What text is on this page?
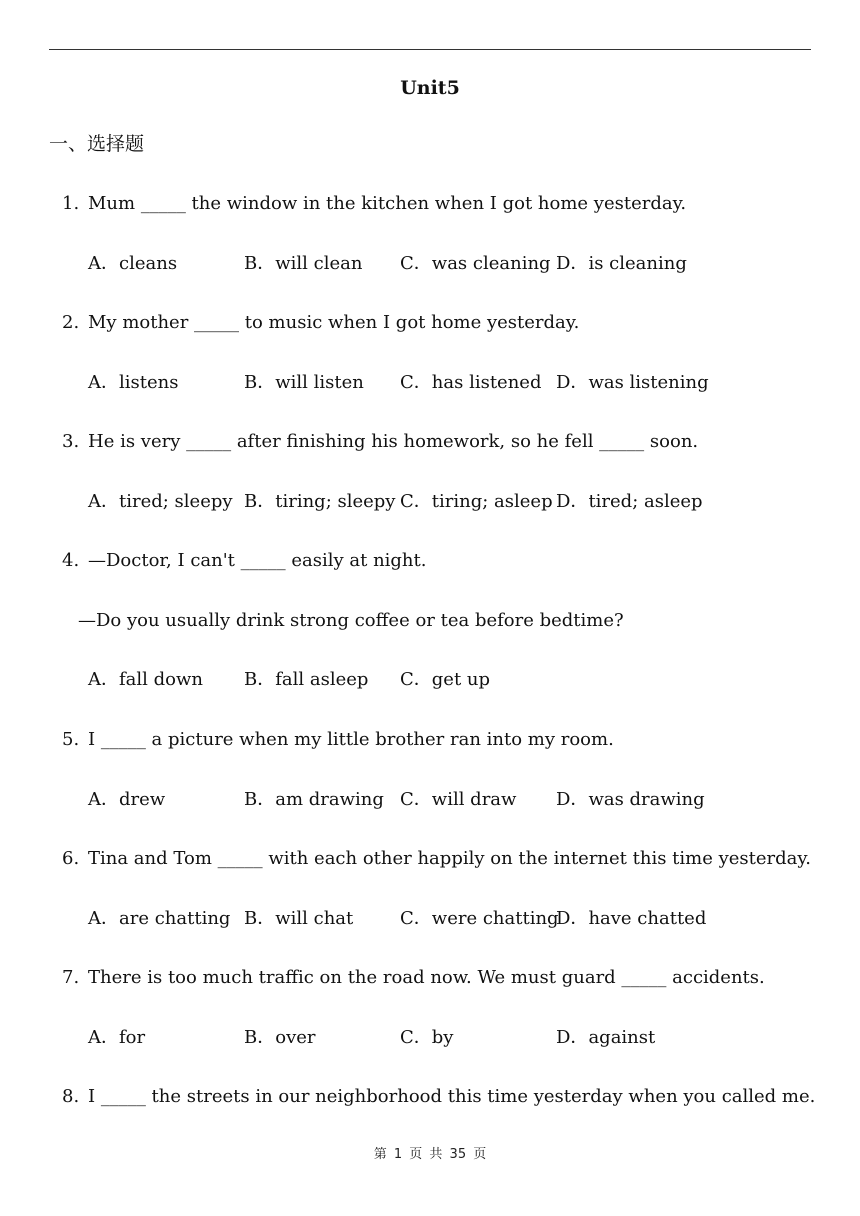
Unit5
一、选择题
1. Mum _____ the window in the kitchen when I got home yesterday.
A．cleans	B．will clean C．was cleaning D．is cleaning
2. My mother _____ to music when I got home yesterday.
A．listens	B．will listen C．has listened D．was listening
3. He is very _____ after finishing his homework, so he fell _____ soon.
A．tired; sleepy B．tiring; sleepy C．tiring; asleep D．tired; asleep
4. —Doctor, I can't _____ easily at night.
—Do you usually drink strong coffee or tea before bedtime?
A．fall down B．fall asleep C．get up
5. I _____ a picture when my little brother ran into my room.
A．drew	B．am drawing C．will draw D．was drawing
6. Tina and Tom _____ with each other happily on the internet this time yesterday.
A．are chatting B．will chat	C．were chatting
D．have chatted
7. There is too much traffic on the road now. We must guard _____ accidents.
A．for	B．over	C．by	D．against
8. I _____ the streets in our neighborhood this time yesterday when you called me.
第 1 页 共 35 页
